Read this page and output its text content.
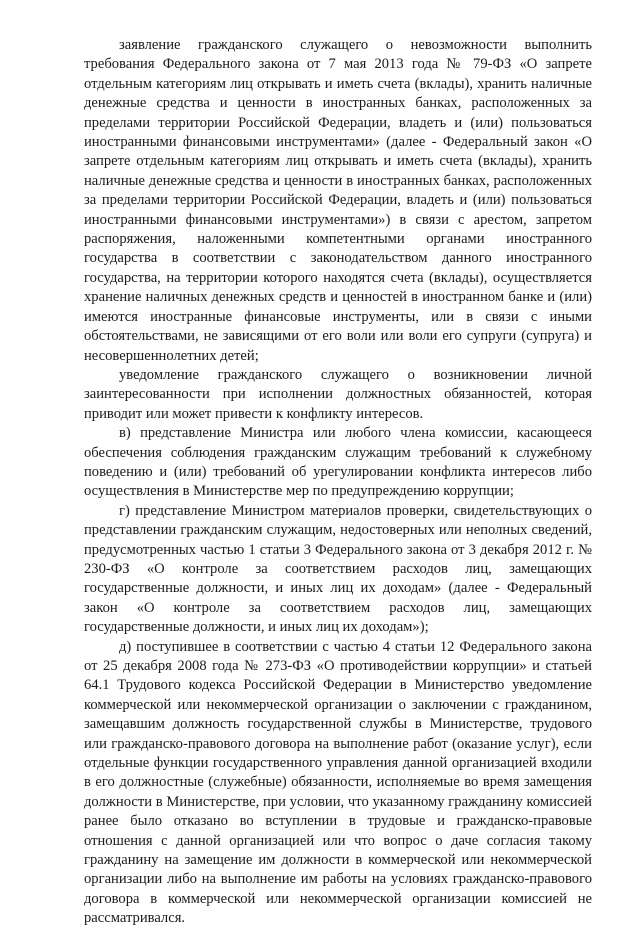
заявление гражданского служащего о невозможности выполнить требования Федерального закона от 7 мая 2013 года № 79-ФЗ «О запрете отдельным категориям лиц открывать и иметь счета (вклады), хранить наличные денежные средства и ценности в иностранных банках, расположенных за пределами территории Российской Федерации, владеть и (или) пользоваться иностранными финансовыми инструментами» (далее - Федеральный закон «О запрете отдельным категориям лиц открывать и иметь счета (вклады), хранить наличные денежные средства и ценности в иностранных банках, расположенных за пределами территории Российской Федерации, владеть и (или) пользоваться иностранными финансовыми инструментами») в связи с арестом, запретом распоряжения, наложенными компетентными органами иностранного государства в соответствии с законодательством данного иностранного государства, на территории которого находятся счета (вклады), осуществляется хранение наличных денежных средств и ценностей в иностранном банке и (или) имеются иностранные финансовые инструменты, или в связи с иными обстоятельствами, не зависящими от его воли или воли его супруги (супруга) и несовершеннолетних детей;

уведомление гражданского служащего о возникновении личной заинтересованности при исполнении должностных обязанностей, которая приводит или может привести к конфликту интересов.

в) представление Министра или любого члена комиссии, касающееся обеспечения соблюдения гражданским служащим требований к служебному поведению и (или) требований об урегулировании конфликта интересов либо осуществления в Министерстве мер по предупреждению коррупции;

г) представление Министром материалов проверки, свидетельствующих о представлении гражданским служащим, недостоверных или неполных сведений, предусмотренных частью 1 статьи 3 Федерального закона от 3 декабря 2012 г. № 230-ФЗ «О контроле за соответствием расходов лиц, замещающих государственные должности, и иных лиц их доходам» (далее - Федеральный закон «О контроле за соответствием расходов лиц, замещающих государственные должности, и иных лиц их доходам»);

д) поступившее в соответствии с частью 4 статьи 12 Федерального закона от 25 декабря 2008 года № 273-ФЗ «О противодействии коррупции» и статьей 64.1 Трудового кодекса Российской Федерации в Министерство уведомление коммерческой или некоммерческой организации о заключении с гражданином, замещавшим должность государственной службы в Министерстве, трудового или гражданско-правового договора на выполнение работ (оказание услуг), если отдельные функции государственного управления данной организацией входили в его должностные (служебные) обязанности, исполняемые во время замещения должности в Министерстве, при условии, что указанному гражданину комиссией ранее было отказано во вступлении в трудовые и гражданско-правовые отношения с данной организацией или что вопрос о даче согласия такому гражданину на замещение им должности в коммерческой или некоммерческой организации либо на выполнение им работы на условиях гражданско-правового договора в коммерческой или некоммерческой организации комиссией не рассматривался.
